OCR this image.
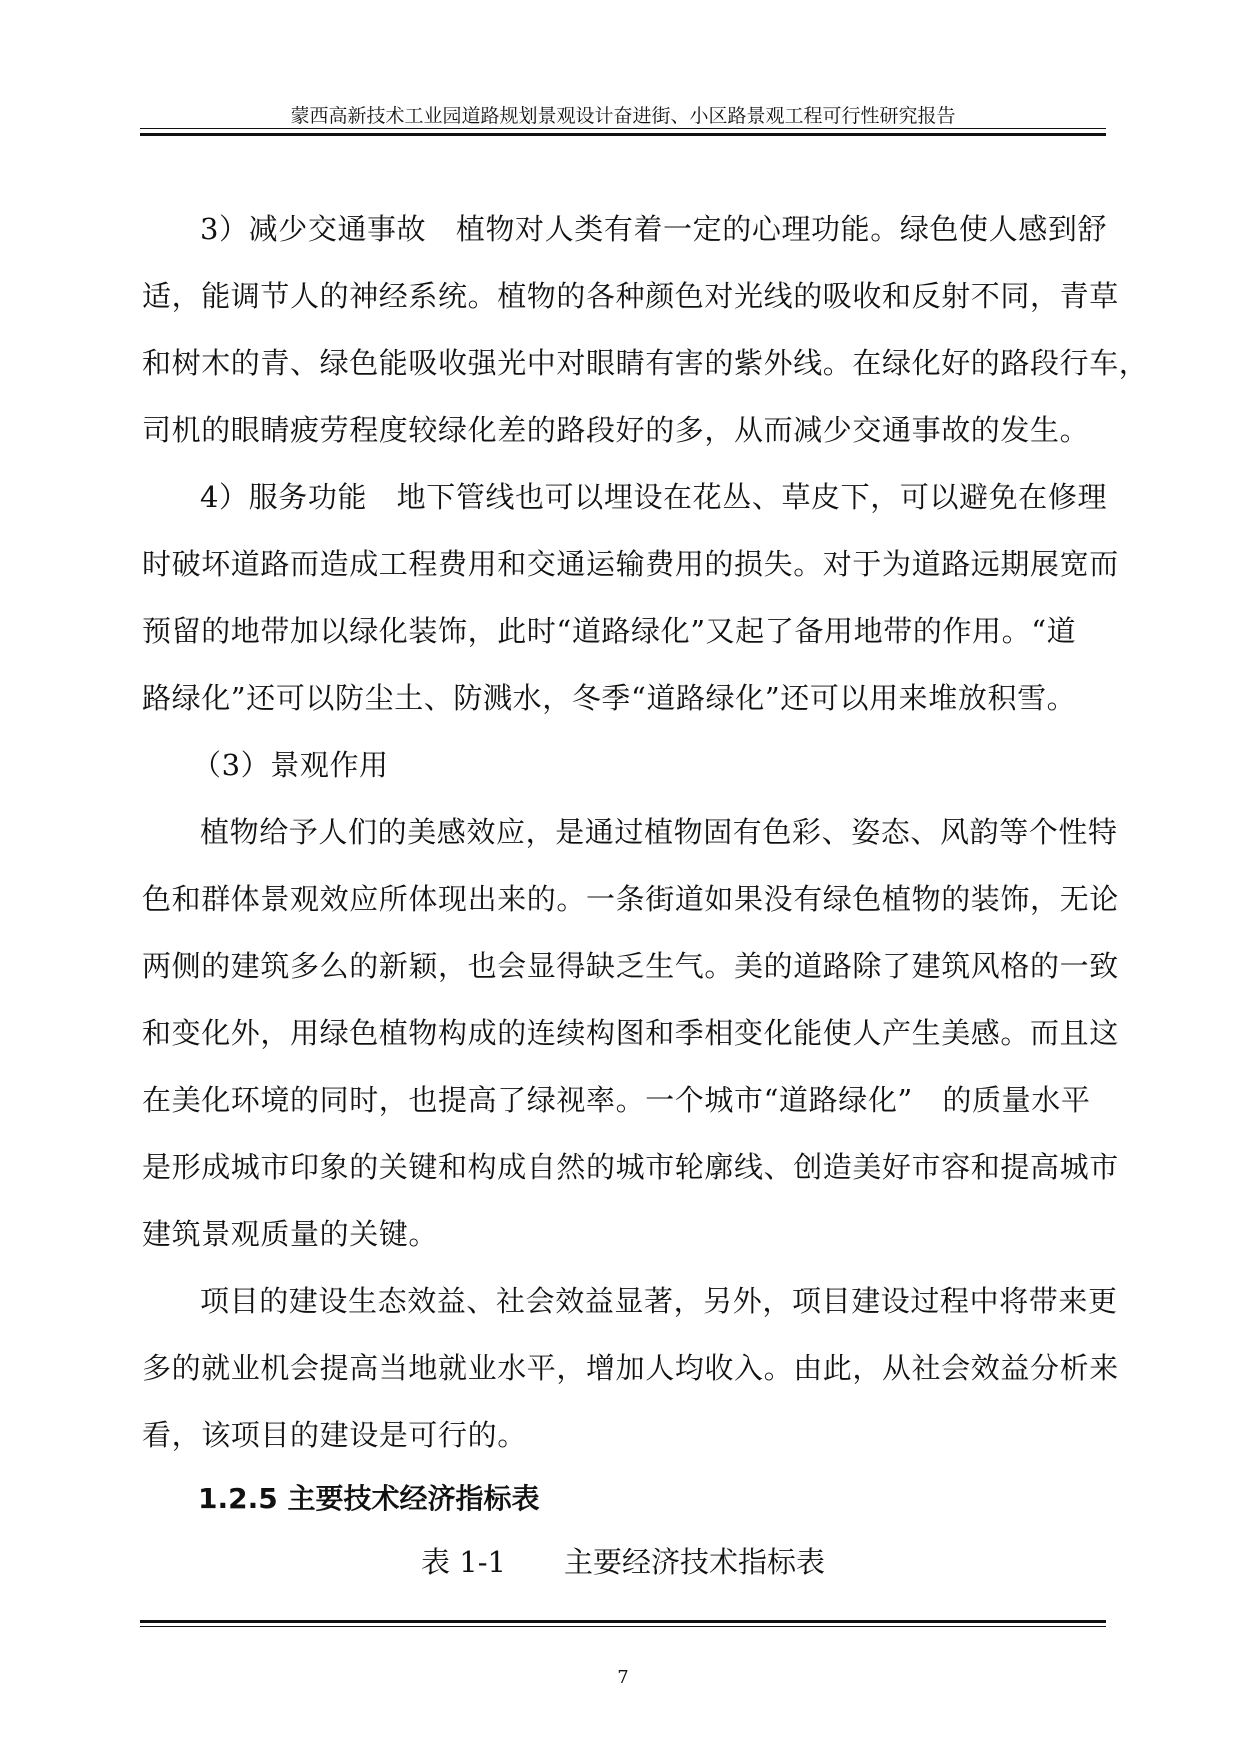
蒙西高新技术工业园道路规划景观设计奋进街、小区路景观工程可行性研究报告

3）减少交通事故　植物对人类有着一定的心理功能。绿色使人感到舒
适，能调节人的神经系统。植物的各种颜色对光线的吸收和反射不同，青草
和树木的青、绿色能吸收强光中对眼睛有害的紫外线。在绿化好的路段行车，
司机的眼睛疲劳程度较绿化差的路段好的多，从而减少交通事故的发生。

4）服务功能　地下管线也可以埋设在花丛、草皮下，可以避免在修理
时破坏道路而造成工程费用和交通运输费用的损失。对于为道路远期展宽而
预留的地带加以绿化装饰，此时“道路绿化”又起了备用地带的作用。“道
路绿化”还可以防尘土、防溅水，冬季“道路绿化”还可以用来堆放积雪。

（3）景观作用

植物给予人们的美感效应，是通过植物固有色彩、姿态、风韵等个性特
色和群体景观效应所体现出来的。一条街道如果没有绿色植物的装饰，无论
两侧的建筑多么的新颖，也会显得缺乏生气。美的道路除了建筑风格的一致
和变化外，用绿色植物构成的连续构图和季相变化能使人产生美感。而且这
在美化环境的同时，也提高了绿视率。一个城市“道路绿化”　的质量水平
是形成城市印象的关键和构成自然的城市轮廓线、创造美好市容和提高城市
建筑景观质量的关键。

项目的建设生态效益、社会效益显著，另外，项目建设过程中将带来更
多的就业机会提高当地就业水平，增加人均收入。由此，从社会效益分析来
看，该项目的建设是可行的。

1.2.5 主要技术经济指标表
表 1-1　　主要经济技术指标表
7
